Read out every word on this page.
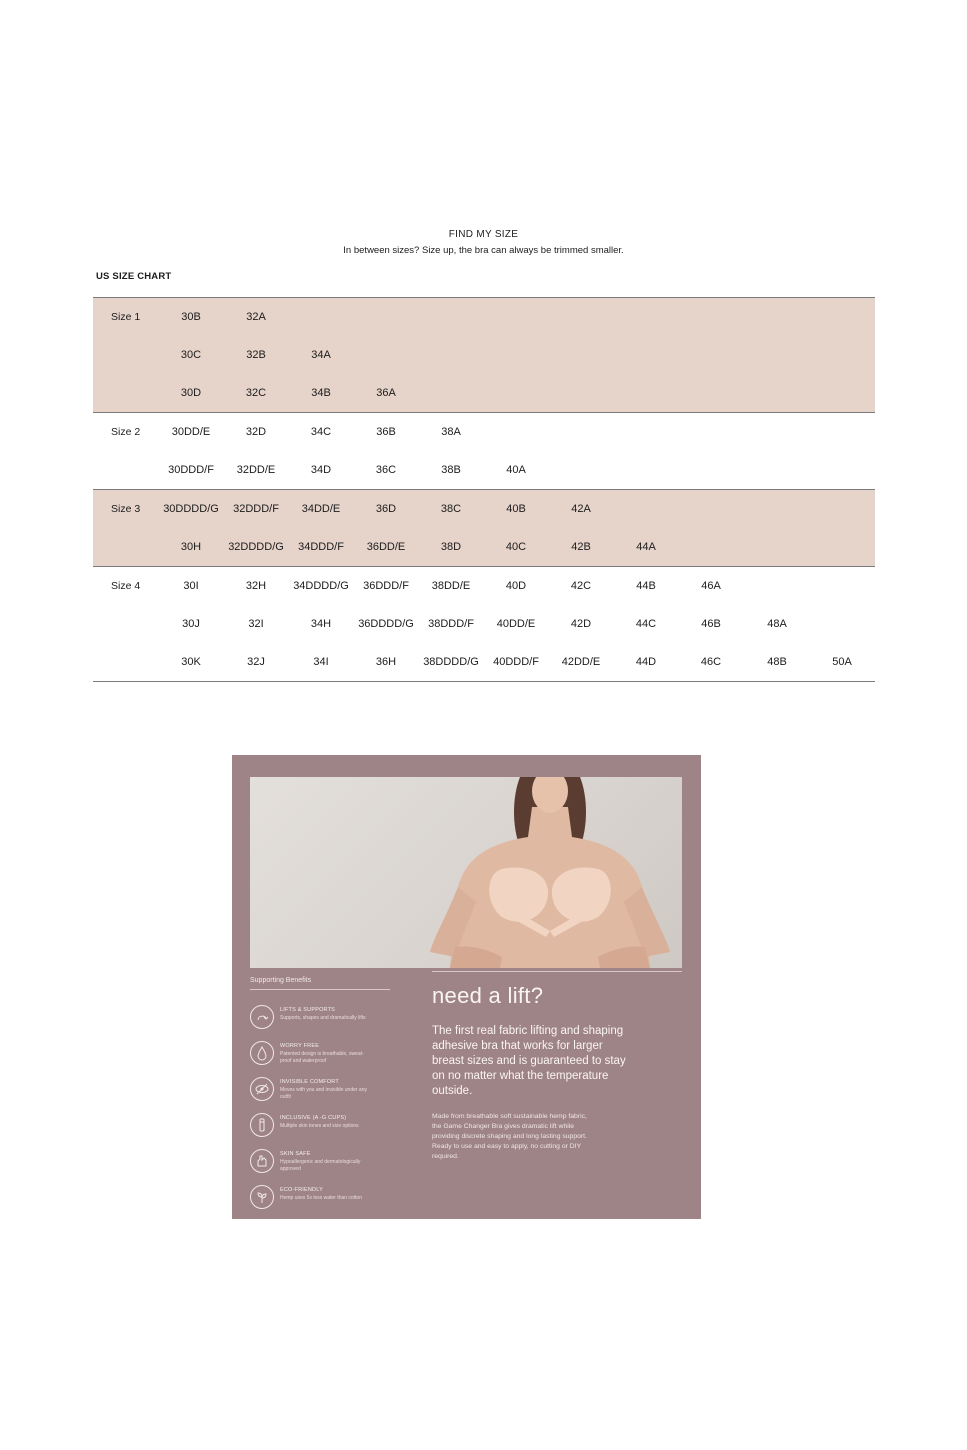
FIND MY SIZE
In between sizes? Size up, the bra can always be trimmed smaller.
US SIZE CHART
Size 1	30B	32A
30C	32B	34A
30D	32C	34B	36A
Size 2	30DD/E	32D	34C	36B	38A
30DDD/F	32DD/E	34D	36C	38B	40A
Size 3	30DDDD/G	32DDD/F	34DD/E	36D	38C	40B	42A
30H	32DDDD/G	34DDD/F	36DD/E	38D	40C	42B	44A
Size 4	30I	32H	34DDDD/G	36DDD/F	38DD/E	40D	42C	44B	46A
30J	32I	34H	36DDDD/G	38DDD/F	40DD/E	42D	44C	46B	48A
30K	32J	34I	36H	38DDDD/G	40DDD/F	42DD/E	44D	46C	48B	50A
Supporting Benefits
LIFTS & SUPPORTS
Supports, shapes and dramatically lifts
WORRY FREE
Patented design is breathable, sweat-proof and waterproof
INVISIBLE COMFORT
Moves with you and invisible under any outfit
INCLUSIVE (A -G CUPS)
Multiple skin tones and size options
SKIN SAFE
Hypoallergenic and dermatologically approved
ECO-FRIENDLY
Hemp uses 5x less water than cotton
need a lift?
The first real fabric lifting and shaping adhesive bra that works for larger breast sizes and is guaranteed to stay on no matter what the temperature outside.
Made from breathable soft sustainable hemp fabric, the Game Changer Bra gives dramatic lift while providing discrete shaping and long lasting support. Ready to use and easy to apply, no cutting or DIY required.
